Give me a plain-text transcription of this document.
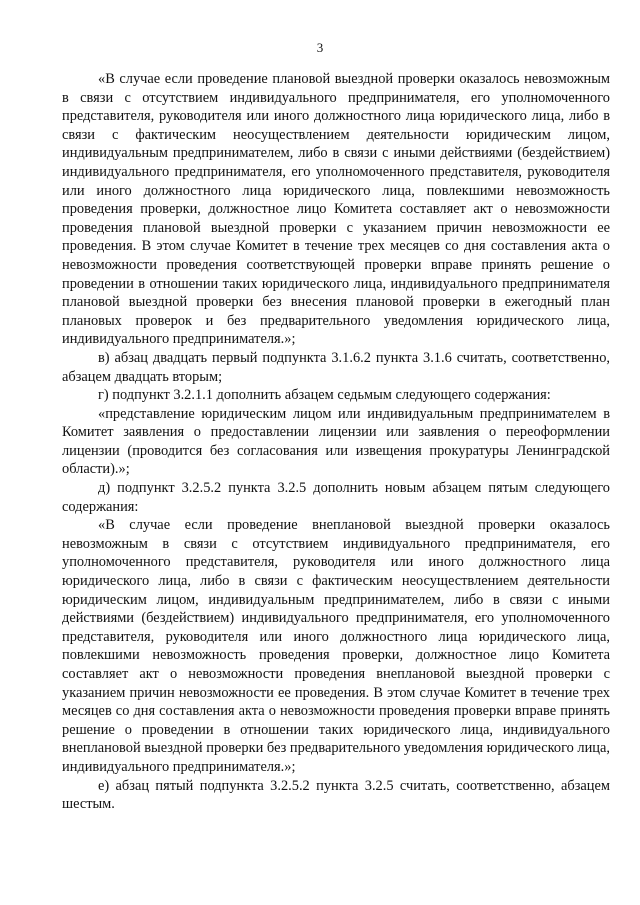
3

«В случае если проведение плановой выездной проверки оказалось невозможным в связи с отсутствием индивидуального предпринимателя, его уполномоченного представителя, руководителя или иного должностного лица юридического лица, либо в связи с фактическим неосуществлением деятельности юридическим лицом, индивидуальным предпринимателем, либо в связи с иными действиями (бездействием) индивидуального предпринимателя, его уполномоченного представителя, руководителя или иного должностного лица юридического лица, повлекшими невозможность проведения проверки, должностное лицо Комитета составляет акт о невозможности проведения плановой выездной проверки с указанием причин невозможности ее проведения. В этом случае Комитет в течение трех месяцев со дня составления акта о невозможности проведения соответствующей проверки вправе принять решение о проведении в отношении таких юридического лица, индивидуального предпринимателя плановой выездной проверки без внесения плановой проверки в ежегодный план плановых проверок и без предварительного уведомления юридического лица, индивидуального предпринимателя.»;

в) абзац двадцать первый подпункта 3.1.6.2 пункта 3.1.6 считать, соответственно, абзацем двадцать вторым;

г) подпункт 3.2.1.1 дополнить абзацем седьмым следующего содержания:

«представление юридическим лицом или индивидуальным предпринимателем в Комитет заявления о предоставлении лицензии или заявления о переоформлении лицензии (проводится без согласования или извещения прокуратуры Ленинградской области).»;

д) подпункт 3.2.5.2 пункта 3.2.5 дополнить новым абзацем пятым следующего содержания:

«В случае если проведение внеплановой выездной проверки оказалось невозможным в связи с отсутствием индивидуального предпринимателя, его уполномоченного представителя, руководителя или иного должностного лица юридического лица, либо в связи с фактическим неосуществлением деятельности юридическим лицом, индивидуальным предпринимателем, либо в связи с иными действиями (бездействием) индивидуального предпринимателя, его уполномоченного представителя, руководителя или иного должностного лица юридического лица, повлекшими невозможность проведения проверки, должностное лицо Комитета составляет акт о невозможности проведения внеплановой выездной проверки с указанием причин невозможности ее проведения. В этом случае Комитет в течение трех месяцев со дня составления акта о невозможности проведения проверки вправе принять решение о проведении в отношении таких юридического лица, индивидуального внеплановой выездной проверки без предварительного уведомления юридического лица, индивидуального предпринимателя.»;

е) абзац пятый подпункта 3.2.5.2 пункта 3.2.5 считать, соответственно, абзацем шестым.
